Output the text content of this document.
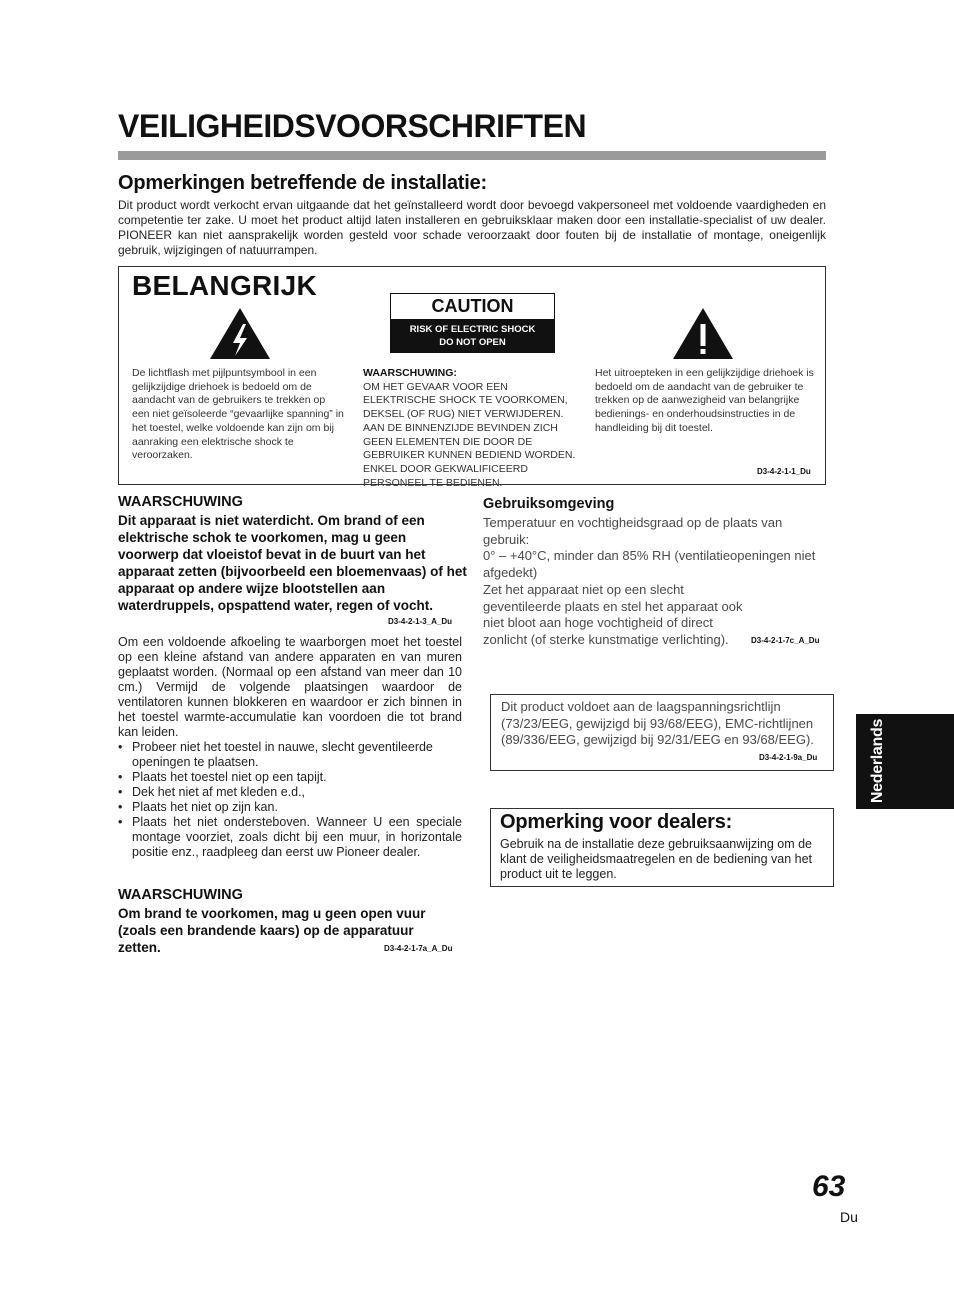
VEILIGHEIDSVOORSCHRIFTEN
Opmerkingen betreffende de installatie:
Dit product wordt verkocht ervan uitgaande dat het geïnstalleerd wordt door bevoegd vakpersoneel met voldoende vaardigheden en competentie ter zake. U moet het product altijd laten installeren en gebruiksklaar maken door een installatie-specialist of uw dealer. PIONEER kan niet aansprakelijk worden gesteld voor schade veroorzaakt door fouten bij de installatie of montage, oneigenlijk gebruik, wijzigingen of natuurrampen.
BELANGRIJK
CAUTION
RISK OF ELECTRIC SHOCK
DO NOT OPEN
De lichtflash met pijlpuntsymbool in een gelijkzijdige driehoek is bedoeld om de aandacht van de gebruikers te trekken op een niet geïsoleerde “gevaarlijke spanning” in het toestel, welke voldoende kan zijn om bij aanraking een elektrische shock te veroorzaken.
WAARSCHUWING:
OM HET GEVAAR VOOR EEN ELEKTRISCHE SHOCK TE VOORKOMEN, DEKSEL (OF RUG) NIET VERWIJDEREN. AAN DE BINNENZIJDE BEVINDEN ZICH GEEN ELEMENTEN DIE DOOR DE GEBRUIKER KUNNEN BEDIEND WORDEN. ENKEL DOOR GEKWALIFICEERD PERSONEEL TE BEDIENEN.
Het uitroepteken in een gelijkzijdige driehoek is bedoeld om de aandacht van de gebruiker te trekken op de aanwezigheid van belangrijke bedienings- en onderhoudsinstructies in de handleiding bij dit toestel.
D3-4-2-1-1_Du
WAARSCHUWING
Dit apparaat is niet waterdicht. Om brand of een elektrische schok te voorkomen, mag u geen voorwerp dat vloeistof bevat in de buurt van het apparaat zetten (bijvoorbeeld een bloemenvaas) of het apparaat op andere wijze blootstellen aan waterdruppels, opspattend water, regen of vocht.
D3-4-2-1-3_A_Du
Om een voldoende afkoeling te waarborgen moet het toestel op een kleine afstand van andere apparaten en van muren geplaatst worden. (Normaal op een afstand van meer dan 10 cm.) Vermijd de volgende plaatsingen waardoor de ventilatoren kunnen blokkeren en waardoor er zich binnen in het toestel warmte-accumulatie kan voordoen die tot brand kan leiden.
• Probeer niet het toestel in nauwe, slecht geventileerde openingen te plaatsen.
• Plaats het toestel niet op een tapijt.
• Dek het niet af met kleden e.d.,
• Plaats het niet op zijn kan.
• Plaats het niet ondersteboven. Wanneer U een speciale montage voorziet, zoals dicht bij een muur, in horizontale positie enz., raadpleeg dan eerst uw Pioneer dealer.
WAARSCHUWING
Om brand te voorkomen, mag u geen open vuur (zoals een brandende kaars) op de apparatuur zetten.	D3-4-2-1-7a_A_Du
Gebruiksomgeving
Temperatuur en vochtigheidsgraad op de plaats van gebruik:
0° – +40°C, minder dan 85% RH (ventilatieopeningen niet afgedekt)
Zet het apparaat niet op een slecht geventileerde plaats en stel het apparaat ook niet bloot aan hoge vochtigheid of direct zonlicht (of sterke kunstmatige verlichting).	D3-4-2-1-7c_A_Du
Dit product voldoet aan de laagspanningsrichtlijn (73/23/EEG, gewijzigd bij 93/68/EEG), EMC-richtlijnen (89/336/EEG, gewijzigd bij 92/31/EEG en 93/68/EEG).
D3-4-2-1-9a_Du
Opmerking voor dealers:
Gebruik na de installatie deze gebruiksaanwijzing om de klant de veiligheidsmaatregelen en de bediening van het product uit te leggen.
Nederlands
63
Du
